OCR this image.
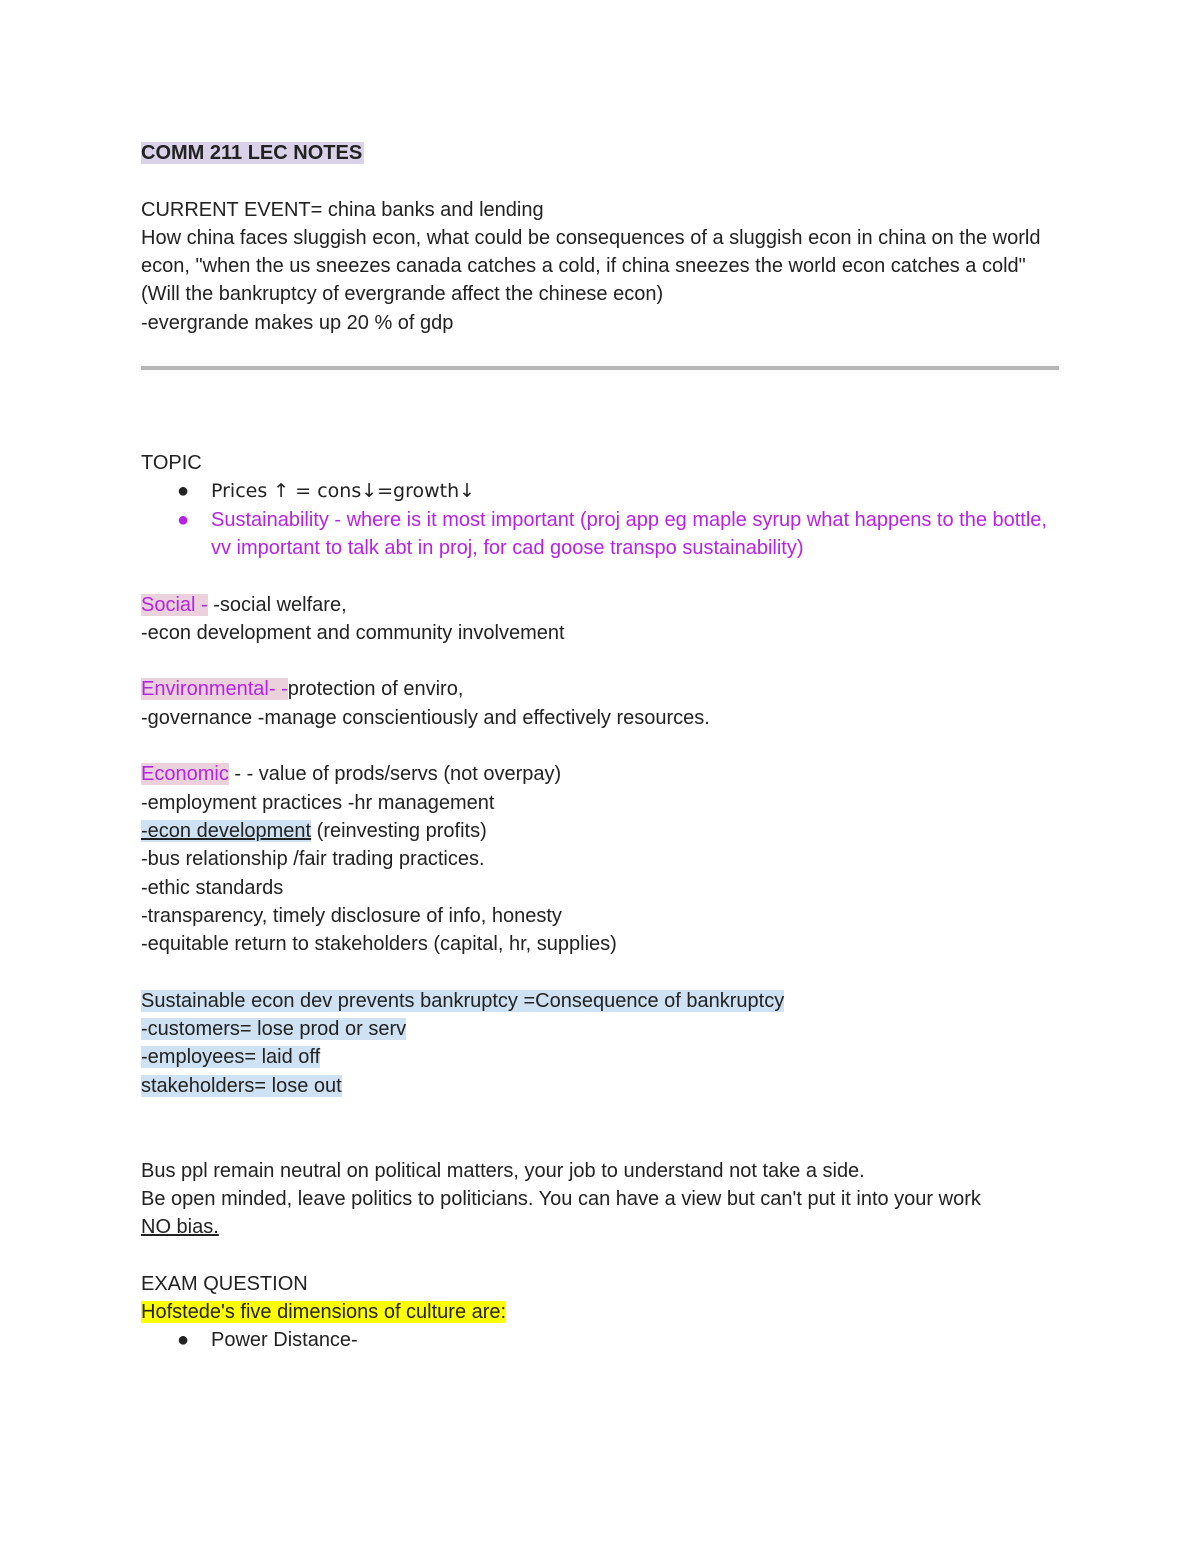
COMM 211 LEC NOTES

CURRENT EVENT= china banks and lending

How china faces sluggish econ, what could be consequences of a sluggish econ in china on the world econ, "when the us sneezes canada catches a cold, if china sneezes the world econ catches a cold"

(Will the bankruptcy of evergrande affect the chinese econ)

-evergrande makes up 20 % of gdp

TOPIC

● Prices ↑ = cons↓=growth↓
● Sustainability - where is it most important (proj app eg maple syrup what happens to the bottle, vv important to talk abt in proj, for cad goose transpo sustainability)

Social - -social welfare,

-econ development and community involvement

Environmental- -protection of enviro,

-governance -manage conscientiously and effectively resources.

Economic - - value of prods/servs (not overpay)

-employment practices -hr management

-econ development (reinvesting profits)

-bus relationship /fair trading practices.

-ethic standards

-transparency, timely disclosure of info, honesty

-equitable return to stakeholders (capital, hr, supplies)

Sustainable econ dev prevents bankruptcy =Consequence of bankruptcy

-customers= lose prod or serv

-employees= laid off

stakeholders= lose out

Bus ppl remain neutral on political matters, your job to understand not take a side.

Be open minded, leave politics to politicians. You can have a view but can't put it into your work

NO bias.

EXAM QUESTION

Hofstede's five dimensions of culture are:

● Power Distance-
